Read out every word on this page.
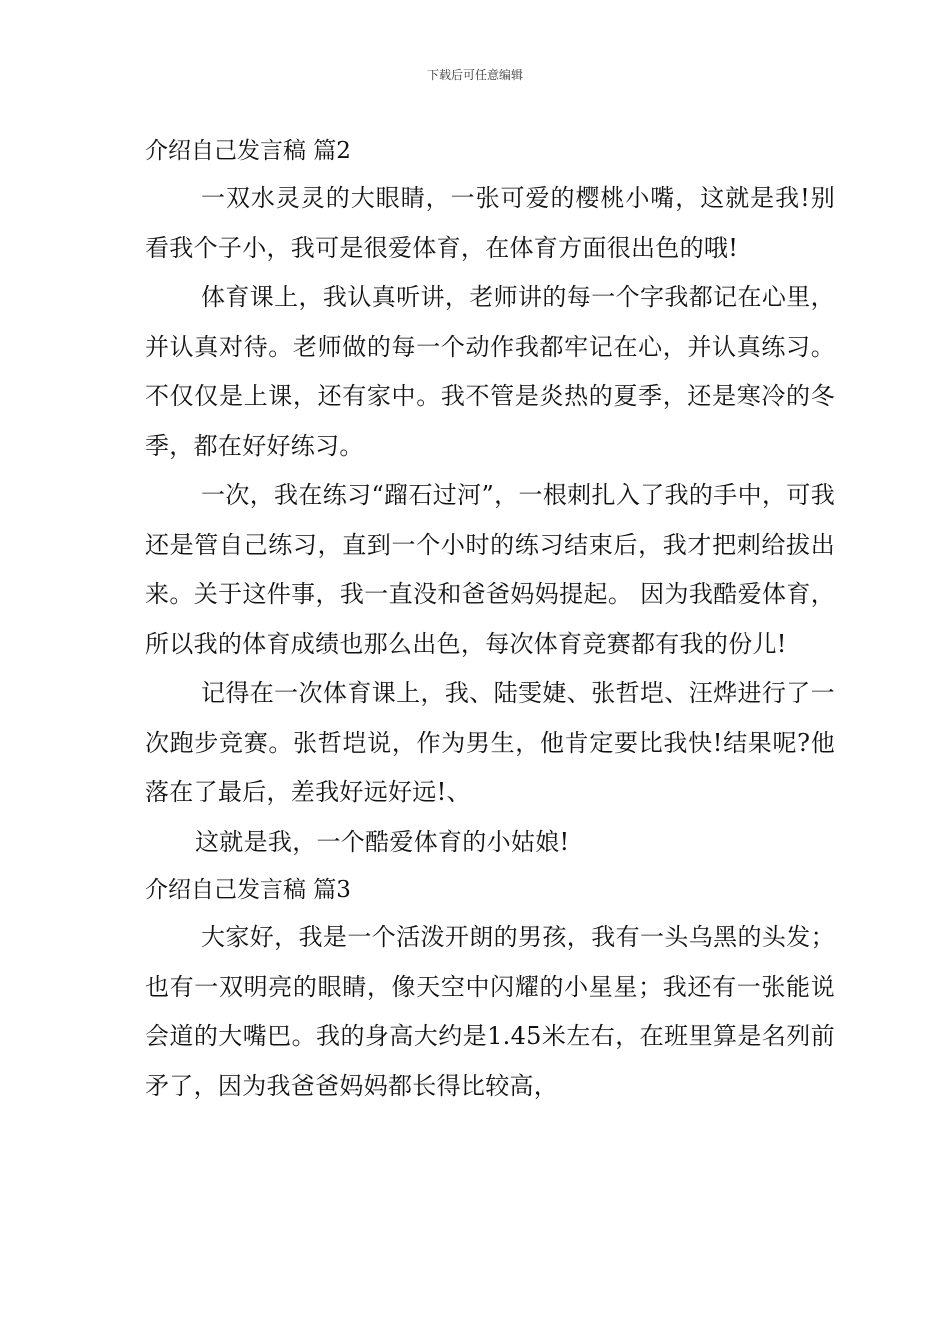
下载后可任意编辑
介绍自己发言稿 篇2

一双水灵灵的大眼睛，一张可爱的樱桃小嘴，这就是我!别看我个子小，我可是很爱体育，在体育方面很出色的哦!

体育课上，我认真听讲，老师讲的每一个字我都记在心里，并认真对待。老师做的每一个动作我都牢记在心，并认真练习。不仅仅是上课，还有家中。我不管是炎热的夏季，还是寒冷的冬季，都在好好练习。

一次，我在练习“蹓石过河”，一根刺扎入了我的手中，可我还是管自己练习，直到一个小时的练习结束后，我才把刺给拔出来。关于这件事，我一直没和爸爸妈妈提起。 因为我酷爱体育，所以我的体育成绩也那么出色，每次体育竞赛都有我的份儿!

记得在一次体育课上，我、陆雯婕、张哲垲、汪烨进行了一次跑步竞赛。张哲垲说，作为男生，他肯定要比我快!结果呢?他落在了最后，差我好远好远!、

这就是我，一个酷爱体育的小姑娘!

介绍自己发言稿 篇3

大家好，我是一个活泼开朗的男孩，我有一头乌黑的头发；也有一双明亮的眼睛，像天空中闪耀的小星星；我还有一张能说会道的大嘴巴。我的身高大约是1.45米左右，在班里算是名列前矛了，因为我爸爸妈妈都长得比较高，
